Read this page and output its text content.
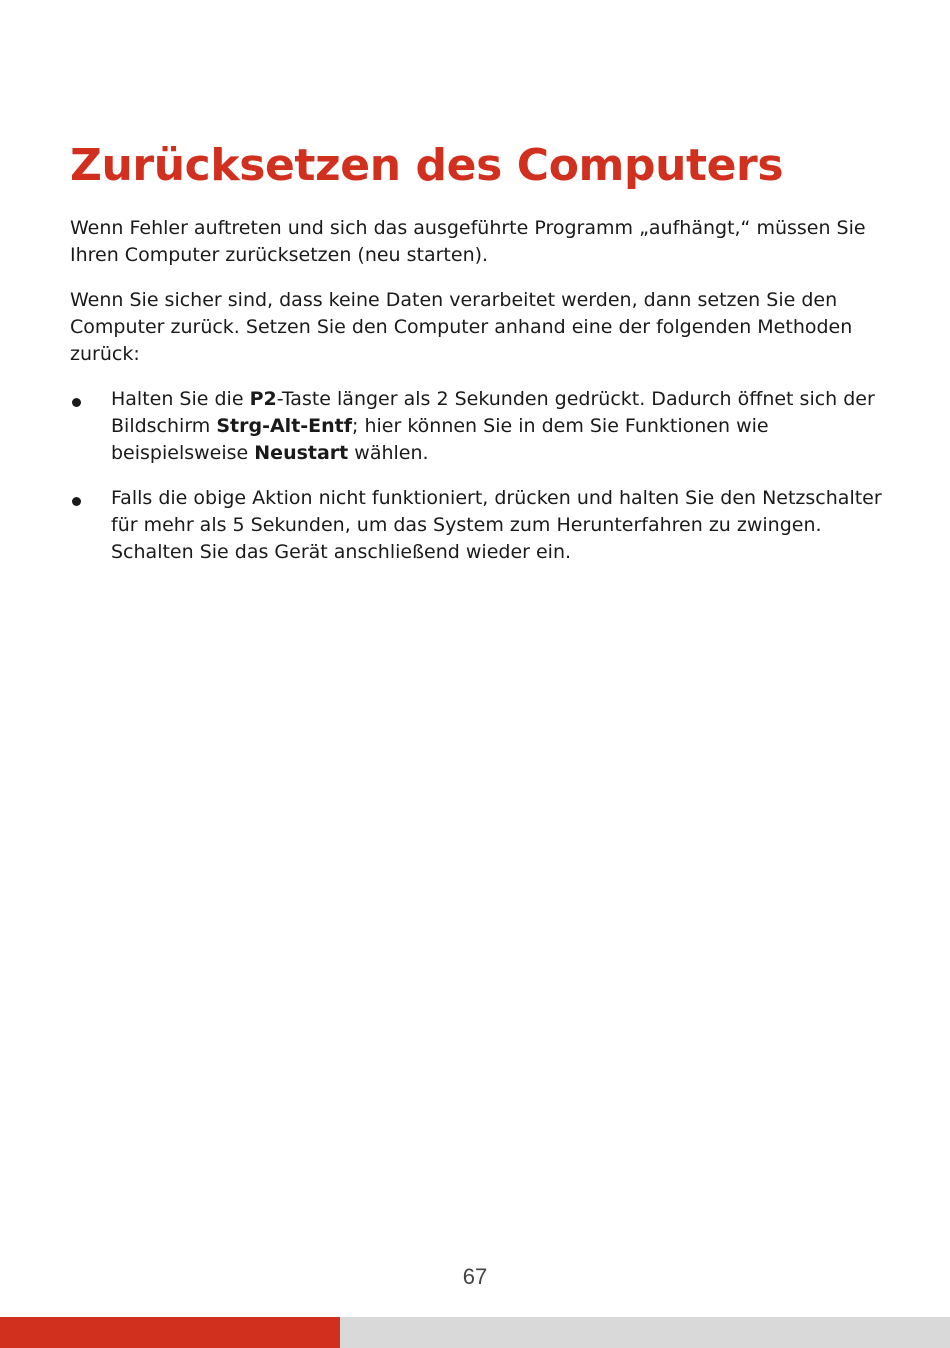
Zurücksetzen des Computers

Wenn Fehler auftreten und sich das ausgeführte Programm „aufhängt,“ müssen Sie Ihren Computer zurücksetzen (neu starten).

Wenn Sie sicher sind, dass keine Daten verarbeitet werden, dann setzen Sie den Computer zurück. Setzen Sie den Computer anhand eine der folgenden Methoden zurück:

Halten Sie die P2-Taste länger als 2 Sekunden gedrückt. Dadurch öffnet sich der Bildschirm Strg-Alt-Entf; hier können Sie in dem Sie Funktionen wie beispielsweise Neustart wählen.
Falls die obige Aktion nicht funktioniert, drücken und halten Sie den Netzschalter für mehr als 5 Sekunden, um das System zum Herunterfahren zu zwingen. Schalten Sie das Gerät anschließend wieder ein.
67
